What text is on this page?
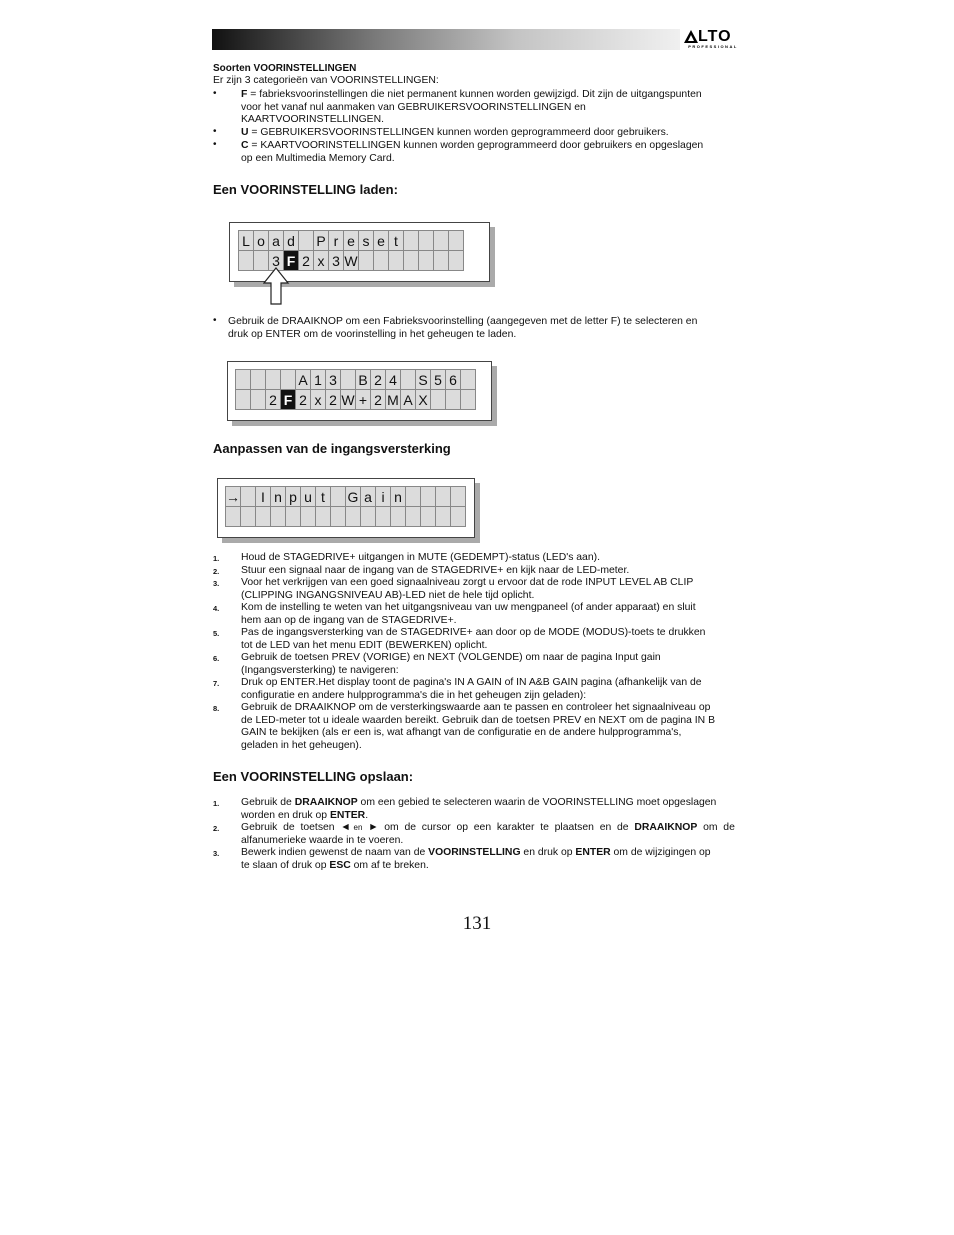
LTO
PROFESSIONAL
Soorten VOORINSTELLINGEN
Er zijn 3 categorieën van VOORINSTELLINGEN:
• F = fabrieksvoorinstellingen die niet permanent kunnen worden gewijzigd. Dit zijn de uitgangspunten
voor het vanaf nul aanmaken van GEBRUIKERSVOORINSTELLINGEN en
KAARTVOORINSTELLINGEN.
• U = GEBRUIKERSVOORINSTELLINGEN kunnen worden geprogrammeerd door gebruikers.
• C = KAARTVOORINSTELLINGEN kunnen worden geprogrammeerd door gebruikers en opgeslagen
op een Multimedia Memory Card.
Een VOORINSTELLING laden:
L o a d P r e s e t
3 F 2 x 3 W
• Gebruik de DRAAIKNOP om een Fabrieksvoorinstelling (aangegeven met de letter F) te selecteren en
druk op ENTER om de voorinstelling in het geheugen te laden.
A 1 3 B 2 4 S 5 6
2 F 2 x 2 W + 2 M A X
Aanpassen van de ingangsversterking
→	I n p u t	G a i n
1. Houd de STAGEDRIVE+ uitgangen in MUTE (GEDEMPT)-status (LED's aan).
2. Stuur een signaal naar de ingang van de STAGEDRIVE+ en kijk naar de LED-meter.
3. Voor het verkrijgen van een goed signaalniveau zorgt u ervoor dat de rode INPUT LEVEL AB CLIP
(CLIPPING INGANGSNIVEAU AB)-LED niet de hele tijd oplicht.
4. Kom de instelling te weten van het uitgangsniveau van uw mengpaneel (of ander apparaat) en sluit
hem aan op de ingang van de STAGEDRIVE+.
5. Pas de ingangsversterking van de STAGEDRIVE+ aan door op de MODE (MODUS)-toets te drukken
tot de LED van het menu EDIT (BEWERKEN) oplicht.
6. Gebruik de toetsen PREV (VORIGE) en NEXT (VOLGENDE) om naar de pagina Input gain
(Ingangsversterking) te navigeren:
7. Druk op ENTER.Het display toont de pagina's IN A GAIN of IN A&B GAIN pagina (afhankelijk van de
configuratie en andere hulpprogramma's die in het geheugen zijn geladen):
8. Gebruik de DRAAIKNOP om de versterkingswaarde aan te passen en controleer het signaalniveau op
de LED-meter tot u ideale waarden bereikt. Gebruik dan de toetsen PREV en NEXT om de pagina IN B
GAIN te bekijken (als er een is, wat afhangt van de configuratie en de andere hulpprogramma's,
geladen in het geheugen).
Een VOORINSTELLING opslaan:
1. Gebruik de DRAAIKNOP om een gebied te selecteren waarin de VOORINSTELLING moet opgeslagen
worden en druk op ENTER.
2. Gebruik  de  toetsen  ◄ en  ►  om  de  cursor  op  een  karakter  te  plaatsen  en  de  DRAAIKNOP  om  de
alfanumerieke waarde in te voeren.
3. Bewerk indien gewenst de naam van de VOORINSTELLING en druk op ENTER om de wijzigingen op
te slaan of druk op ESC om af te breken.
131
